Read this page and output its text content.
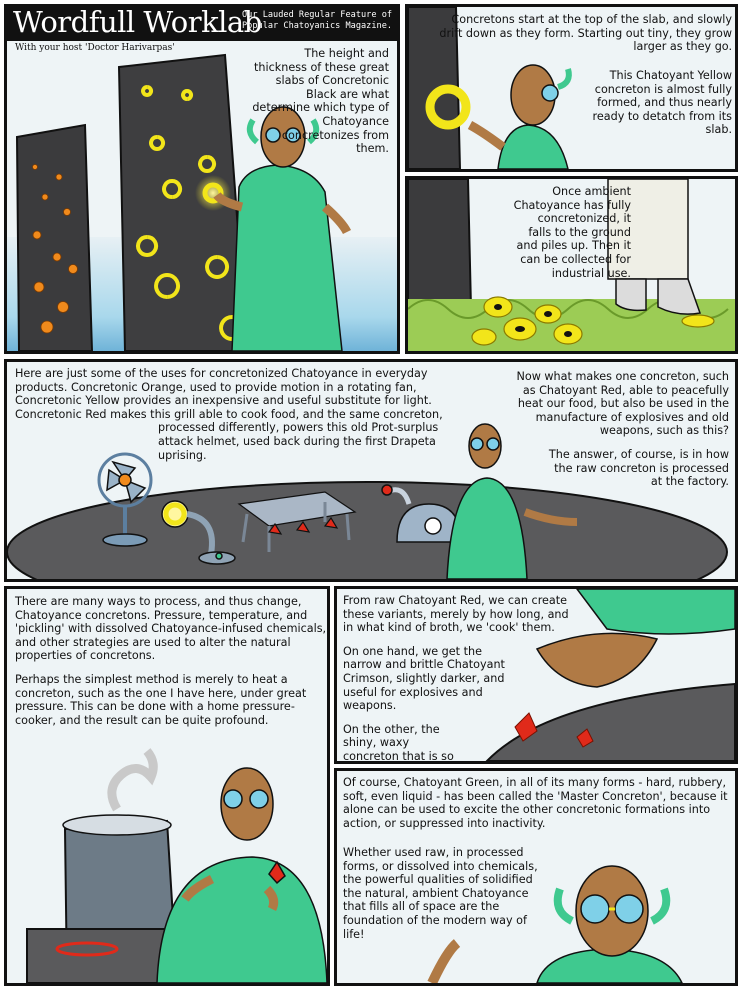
Wordfull Worklab
Our Lauded Regular Feature of Popular Chatoyanics Magazine.
With your host 'Doctor Harivarpas'	The height and thickness of these great slabs of Concretonic Black are what determine which type of Chatoyance concretonizes from them.

Concretons start at the top of the slab, and slowly drift down as they form. Starting out tiny, they grow larger as they go.

This Chatoyant Yellow concreton is almost fully formed, and thus nearly ready to detatch from its slab.

Once ambient Chatoyance has fully concretonized, it falls to the ground and piles up. Then it can be collected for industrial use.

Here are just some of the uses for concretonized Chatoyance in everyday products. Concretonic Orange, used to provide motion in a rotating fan, Concretonic Yellow provides an inexpensive and useful substitute for light. Concretonic Red makes this grill able to cook food, and the same concreton,

processed differently, powers this old Prot-surplus attack helmet, used back during the first Drapeta uprising.

Now what makes one concreton, such as Chatoyant Red, able to peacefully heat our food, but also be used in the manufacture of explosives and old weapons, such as this?

The answer, of course, is in how the raw concreton is processed at the factory.

There are many ways to process, and thus change, Chatoyance concretons. Pressure, temperature, and 'pickling' with dissolved Chatoyance-infused chemicals, and other strategies are used to alter the natural properties of concretons.

Perhaps the simplest method is merely to heat a concreton, such as the one I have here, under great pressure. This can be done with a home pressure-cooker, and the result can be quite profound.

From raw Chatoyant Red, we can create these variants, merely by how long, and in what kind of broth, we 'cook' them.

On one hand, we get the narrow and brittle Chatoyant Crimson, slightly darker, and useful for explosives and weapons.

On the other, the shiny, waxy concreton that is so

Of course, Chatoyant Green, in all of its many forms - hard, rubbery, soft, even liquid - has been called the 'Master Concreton', because it alone can be used to excite the other concretonic formations into action, or suppressed into inactivity.

Whether used raw, in processed forms, or dissolved into chemicals, the powerful qualities of solidified the natural, ambient Chatoyance that fills all of space are the foundation of the modern way of life!
